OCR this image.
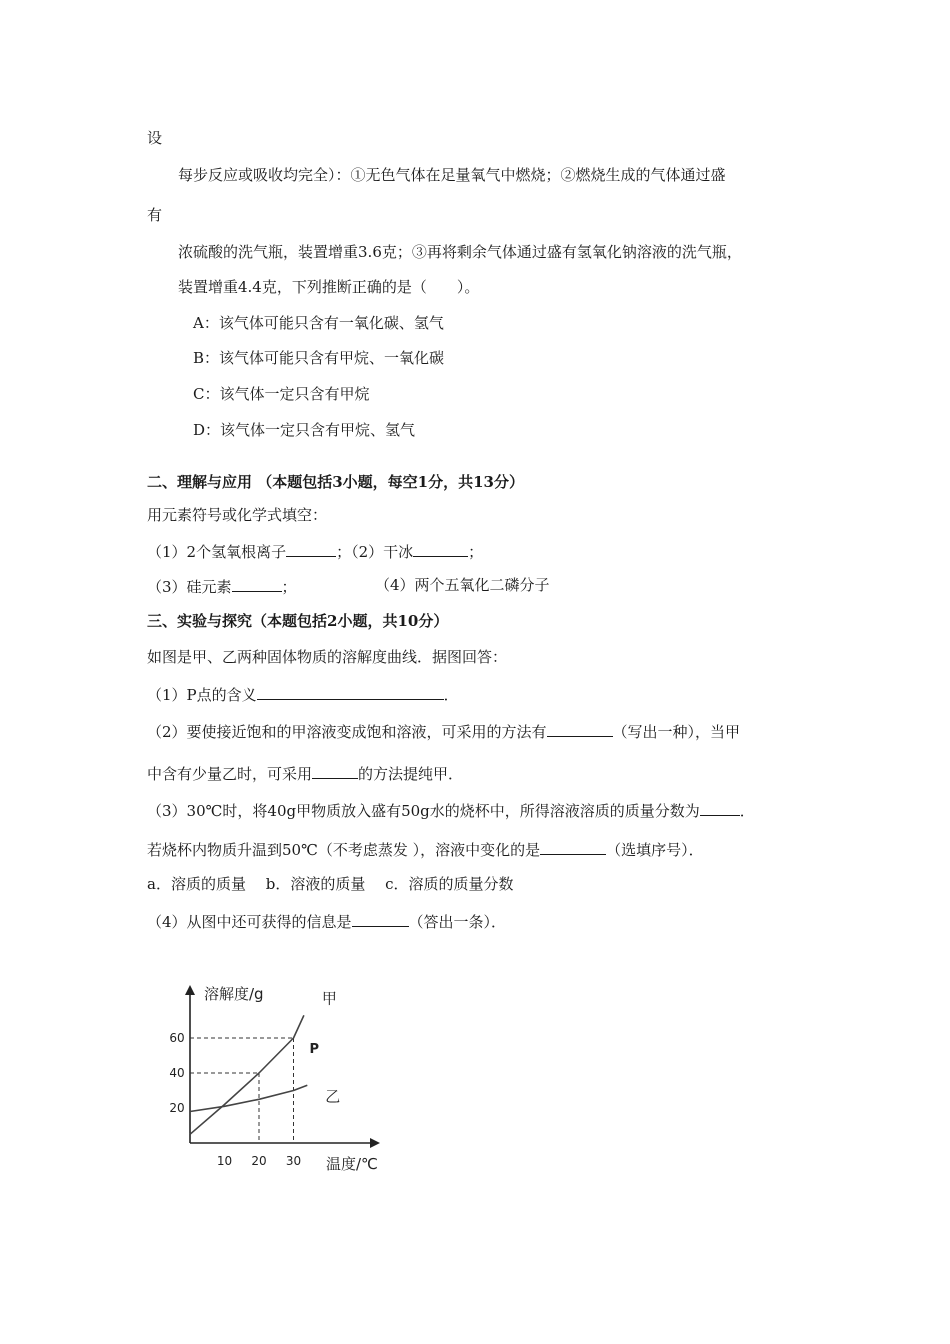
设
每步反应或吸收均完全）：①无色气体在足量氧气中燃烧；②燃烧生成的气体通过盛
有
浓硫酸的洗气瓶，装置增重3.6克；③再将剩余气体通过盛有氢氧化钠溶液的洗气瓶，
装置增重4.4克，下列推断正确的是（　　）。
A：该气体可能只含有一氧化碳、氢气
B：该气体可能只含有甲烷、一氧化碳
C：该气体一定只含有甲烷
D：该气体一定只含有甲烷、氢气
二、理解与应用 （本题包括3小题，每空1分，共13分）
用元素符号或化学式填空：
（1）2个氢氧根离子	；（2）干冰	；
（3）硅元素	；	（4）两个五氧化二磷分子
三、实验与探究（本题包括2小题，共10分）
如图是甲、乙两种固体物质的溶解度曲线．据图回答：
（1）P点的含义	．
（2）要使接近饱和的甲溶液变成饱和溶液，可采用的方法有	（写出一种），当甲
中含有少量乙时，可采用	的方法提纯甲．
（3）30℃时，将40g甲物质放入盛有50g水的烧杯中，所得溶液溶质的质量分数为	．
若烧杯内物质升温到50℃（不考虑蒸发 ），溶液中变化的是	（选填序号）．
a．溶质的质量　 b．溶液的质量　 c．溶质的质量分数
（4）从图中还可获得的信息是	（答出一条）．
溶解度/g
温度/℃
10 20 30
20
40
60
甲
乙
P
